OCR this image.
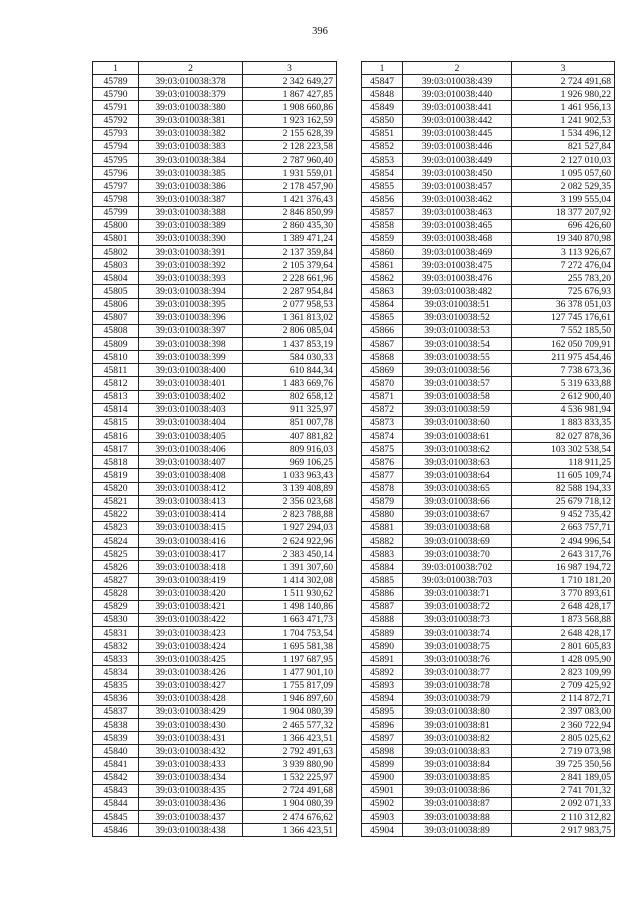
396
1	2	3
45789	39:03:010038:378	2 342 649,27
45790	39:03:010038:379	1 867 427,85
45791	39:03:010038:380	1 908 660,86
45792	39:03:010038:381	1 923 162,59
45793	39:03:010038:382	2 155 628,39
45794	39:03:010038:383	2 128 223,58
45795	39:03:010038:384	2 787 960,40
45796	39:03:010038:385	1 931 559,01
45797	39:03:010038:386	2 178 457,90
45798	39:03:010038:387	1 421 376,43
45799	39:03:010038:388	2 846 850,99
45800	39:03:010038:389	2 860 435,30
45801	39:03:010038:390	1 389 471,24
45802	39:03:010038:391	2 137 359,84
45803	39:03:010038:392	2 105 379,64
45804	39:03:010038:393	2 228 661,96
45805	39:03:010038:394	2 287 954,84
45806	39:03:010038:395	2 077 958,53
45807	39:03:010038:396	1 361 813,02
45808	39:03:010038:397	2 806 085,04
45809	39:03:010038:398	1 437 853,19
45810	39:03:010038:399	584 030,33
45811	39:03:010038:400	610 844,34
45812	39:03:010038:401	1 483 669,76
45813	39:03:010038:402	802 658,12
45814	39:03:010038:403	911 325,97
45815	39:03:010038:404	851 007,78
45816	39:03:010038:405	407 881,82
45817	39:03:010038:406	809 916,03
45818	39:03:010038:407	969 106,25
45819	39:03:010038:408	1 033 963,43
45820	39:03:010038:412	3 139 408,89
45821	39:03:010038:413	2 356 023,68
45822	39:03:010038:414	2 823 788,88
45823	39:03:010038:415	1 927 294,03
45824	39:03:010038:416	2 624 922,96
45825	39:03:010038:417	2 383 450,14
45826	39:03:010038:418	1 391 307,60
45827	39:03:010038:419	1 414 302,08
45828	39:03:010038:420	1 511 930,62
45829	39:03:010038:421	1 498 140,86
45830	39:03:010038:422	1 663 471,73
45831	39:03:010038:423	1 704 753,54
45832	39:03:010038:424	1 695 581,38
45833	39:03:010038:425	1 197 687,95
45834	39:03:010038:426	1 477 901,10
45835	39:03:010038:427	1 755 817,09
45836	39:03:010038:428	1 946 897,60
45837	39:03:010038:429	1 904 080,39
45838	39:03:010038:430	2 465 577,32
45839	39:03:010038:431	1 366 423,51
45840	39:03:010038:432	2 792 491,63
45841	39:03:010038:433	3 939 880,90
45842	39:03:010038:434	1 532 225,97
45843	39:03:010038:435	2 724 491,68
45844	39:03:010038:436	1 904 080,39
45845	39:03:010038:437	2 474 676,62
45846	39:03:010038:438	1 366 423,51
1	2	3
45847	39:03:010038:439	2 724 491,68
45848	39:03:010038:440	1 926 980,22
45849	39:03:010038:441	1 461 956,13
45850	39:03:010038:442	1 241 902,53
45851	39:03:010038:445	1 534 496,12
45852	39:03:010038:446	821 527,84
45853	39:03:010038:449	2 127 010,03
45854	39:03:010038:450	1 095 057,60
45855	39:03:010038:457	2 082 529,35
45856	39:03:010038:462	3 199 555,04
45857	39:03:010038:463	18 377 207,92
45858	39:03:010038:465	696 426,60
45859	39:03:010038:468	19 340 870,98
45860	39:03:010038:469	3 113 926,67
45861	39:03:010038:475	7 272 476,04
45862	39:03:010038:476	255 783,20
45863	39:03:010038:482	725 676,93
45864	39:03:010038:51	36 378 051,03
45865	39:03:010038:52	127 745 176,61
45866	39:03:010038:53	7 552 185,50
45867	39:03:010038:54	162 050 709,91
45868	39:03:010038:55	211 975 454,46
45869	39:03:010038:56	7 738 673,36
45870	39:03:010038:57	5 319 633,88
45871	39:03:010038:58	2 612 900,40
45872	39:03:010038:59	4 536 981,94
45873	39:03:010038:60	1 883 833,35
45874	39:03:010038:61	82 027 878,36
45875	39:03:010038:62	103 302 538,54
45876	39:03:010038:63	118 911,25
45877	39:03:010038:64	11 605 109,74
45878	39:03:010038:65	82 588 194,33
45879	39:03:010038:66	25 679 718,12
45880	39:03:010038:67	9 452 735,42
45881	39:03:010038:68	2 663 757,71
45882	39:03:010038:69	2 494 996,54
45883	39:03:010038:70	2 643 317,76
45884	39:03:010038:702	16 987 194,72
45885	39:03:010038:703	1 710 181,20
45886	39:03:010038:71	3 770 893,61
45887	39:03:010038:72	2 648 428,17
45888	39:03:010038:73	1 873 568,88
45889	39:03:010038:74	2 648 428,17
45890	39:03:010038:75	2 801 605,83
45891	39:03:010038:76	1 428 095,90
45892	39:03:010038:77	2 823 109,99
45893	39:03:010038:78	2 709 425,92
45894	39:03:010038:79	2 114 872,71
45895	39:03:010038:80	2 397 083,00
45896	39:03:010038:81	2 360 722,94
45897	39:03:010038:82	2 805 025,62
45898	39:03:010038:83	2 719 073,98
45899	39:03:010038:84	39 725 350,56
45900	39:03:010038:85	2 841 189,05
45901	39:03:010038:86	2 741 701,32
45902	39:03:010038:87	2 092 071,33
45903	39:03:010038:88	2 110 312,82
45904	39:03:010038:89	2 917 983,75
